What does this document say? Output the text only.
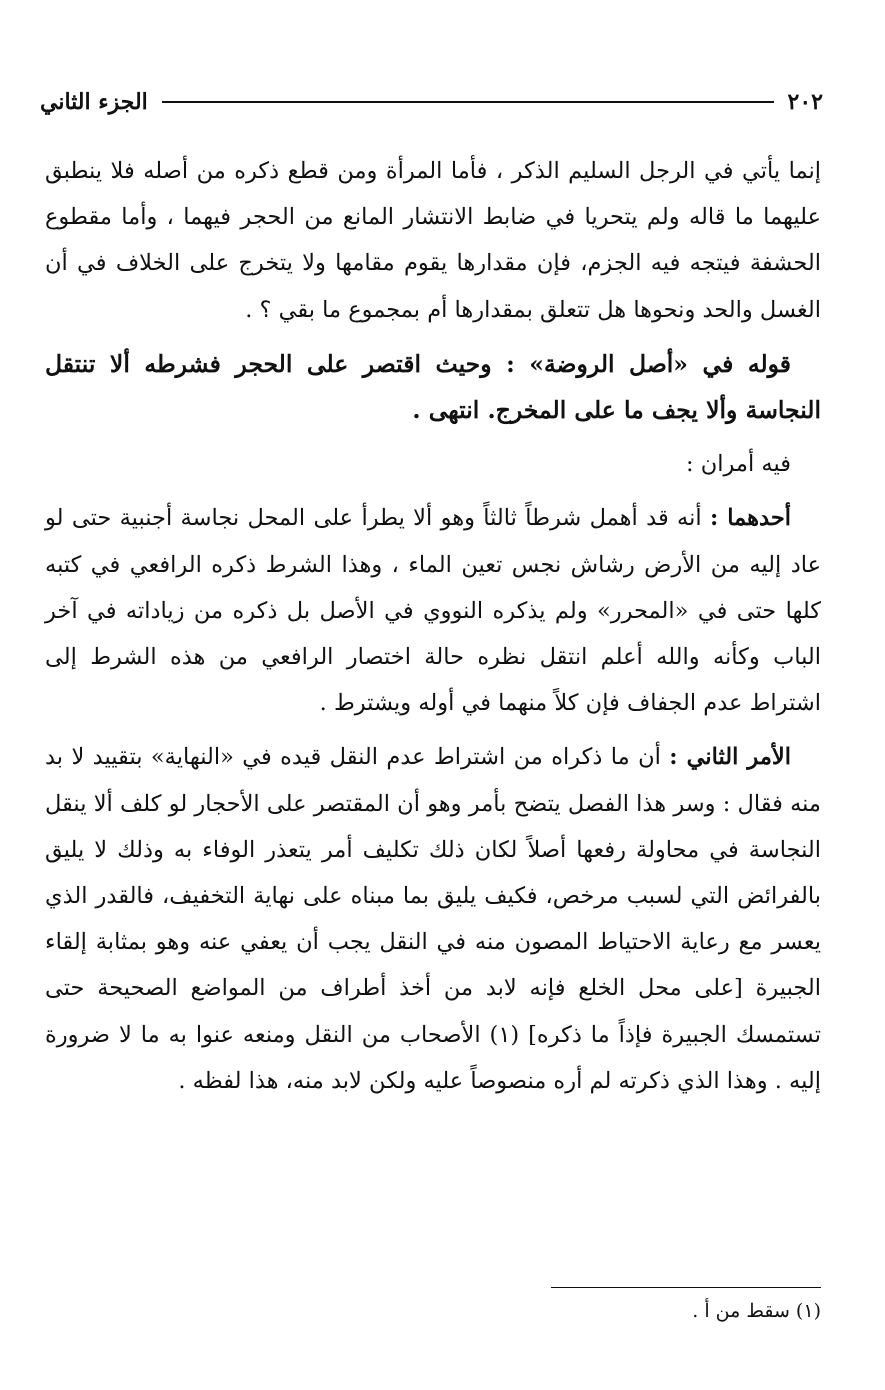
٢٠٢
الجزء الثاني

إنما يأتي في الرجل السليم الذكر ، فأما المرأة ومن قطع ذكره من أصله فلا ينطبق عليهما ما قاله ولم يتحريا في ضابط الانتشار المانع من الحجر فيهما ، وأما مقطوع الحشفة فيتجه فيه الجزم، فإن مقدارها يقوم مقامها ولا يتخرج على الخلاف في أن الغسل والحد ونحوها هل تتعلق بمقدارها أم بمجموع ما بقي ؟ .

قوله في «أصل الروضة» : وحيث اقتصر على الحجر فشرطه ألا تنتقل النجاسة وألا يجف ما على المخرج. انتهى .

فيه أمران :

أحدهما : أنه قد أهمل شرطاً ثالثاً وهو ألا يطرأ على المحل نجاسة أجنبية حتى لو عاد إليه من الأرض رشاش نجس تعين الماء ، وهذا الشرط ذكره الرافعي في كتبه كلها حتى في «المحرر» ولم يذكره النووي في الأصل بل ذكره من زياداته في آخر الباب وكأنه والله أعلم انتقل نظره حالة اختصار الرافعي من هذه الشرط إلى اشتراط عدم الجفاف فإن كلاً منهما في أوله ويشترط .

الأمر الثاني : أن ما ذكراه من اشتراط عدم النقل قيده في «النهاية» بتقييد لا بد منه فقال : وسر هذا الفصل يتضح بأمر وهو أن المقتصر على الأحجار لو كلف ألا ينقل النجاسة في محاولة رفعها أصلاً لكان ذلك تكليف أمر يتعذر الوفاء به وذلك لا يليق بالفرائض التي لسبب مرخص، فكيف يليق بما مبناه على نهاية التخفيف، فالقدر الذي يعسر مع رعاية الاحتياط المصون منه في النقل يجب أن يعفي عنه وهو بمثابة إلقاء الجبيرة [على محل الخلع فإنه لابد من أخذ أطراف من المواضع الصحيحة حتى تستمسك الجبيرة فإذاً ما ذكره] (١) الأصحاب من النقل ومنعه عنوا به ما لا ضرورة إليه . وهذا الذي ذكرته لم أره منصوصاً عليه ولكن لابد منه، هذا لفظه .

(١) سقط من أ .
